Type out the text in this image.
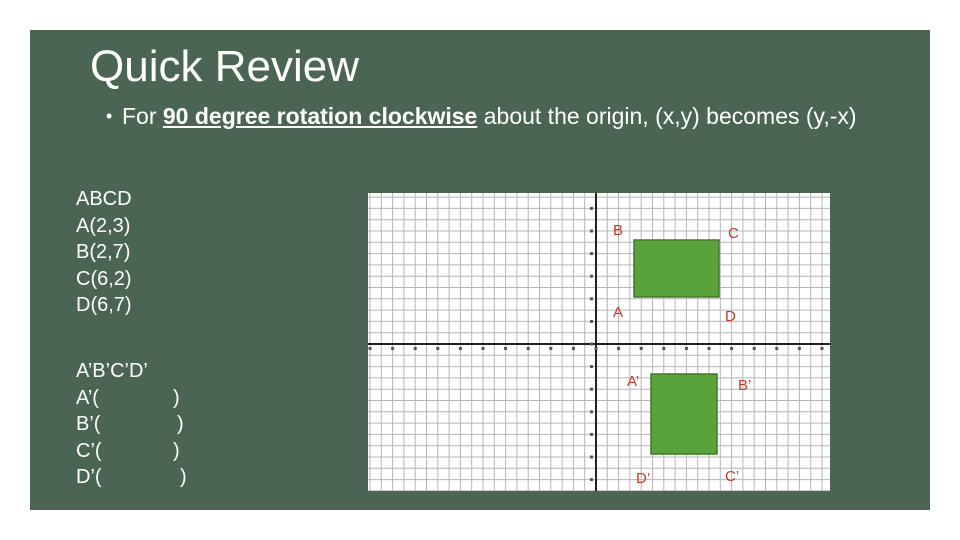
Quick Review
• For 90 degree rotation clockwise about the origin, (x,y) becomes (y,-x)
ABCD
A(2,3)
B(2,7)
C(6,2)
D(6,7)
A’B’C’D’
A’(	)
B’(	)
C’(	)
D’(	)
B	C
A	D
A’	B’
D’	C’
